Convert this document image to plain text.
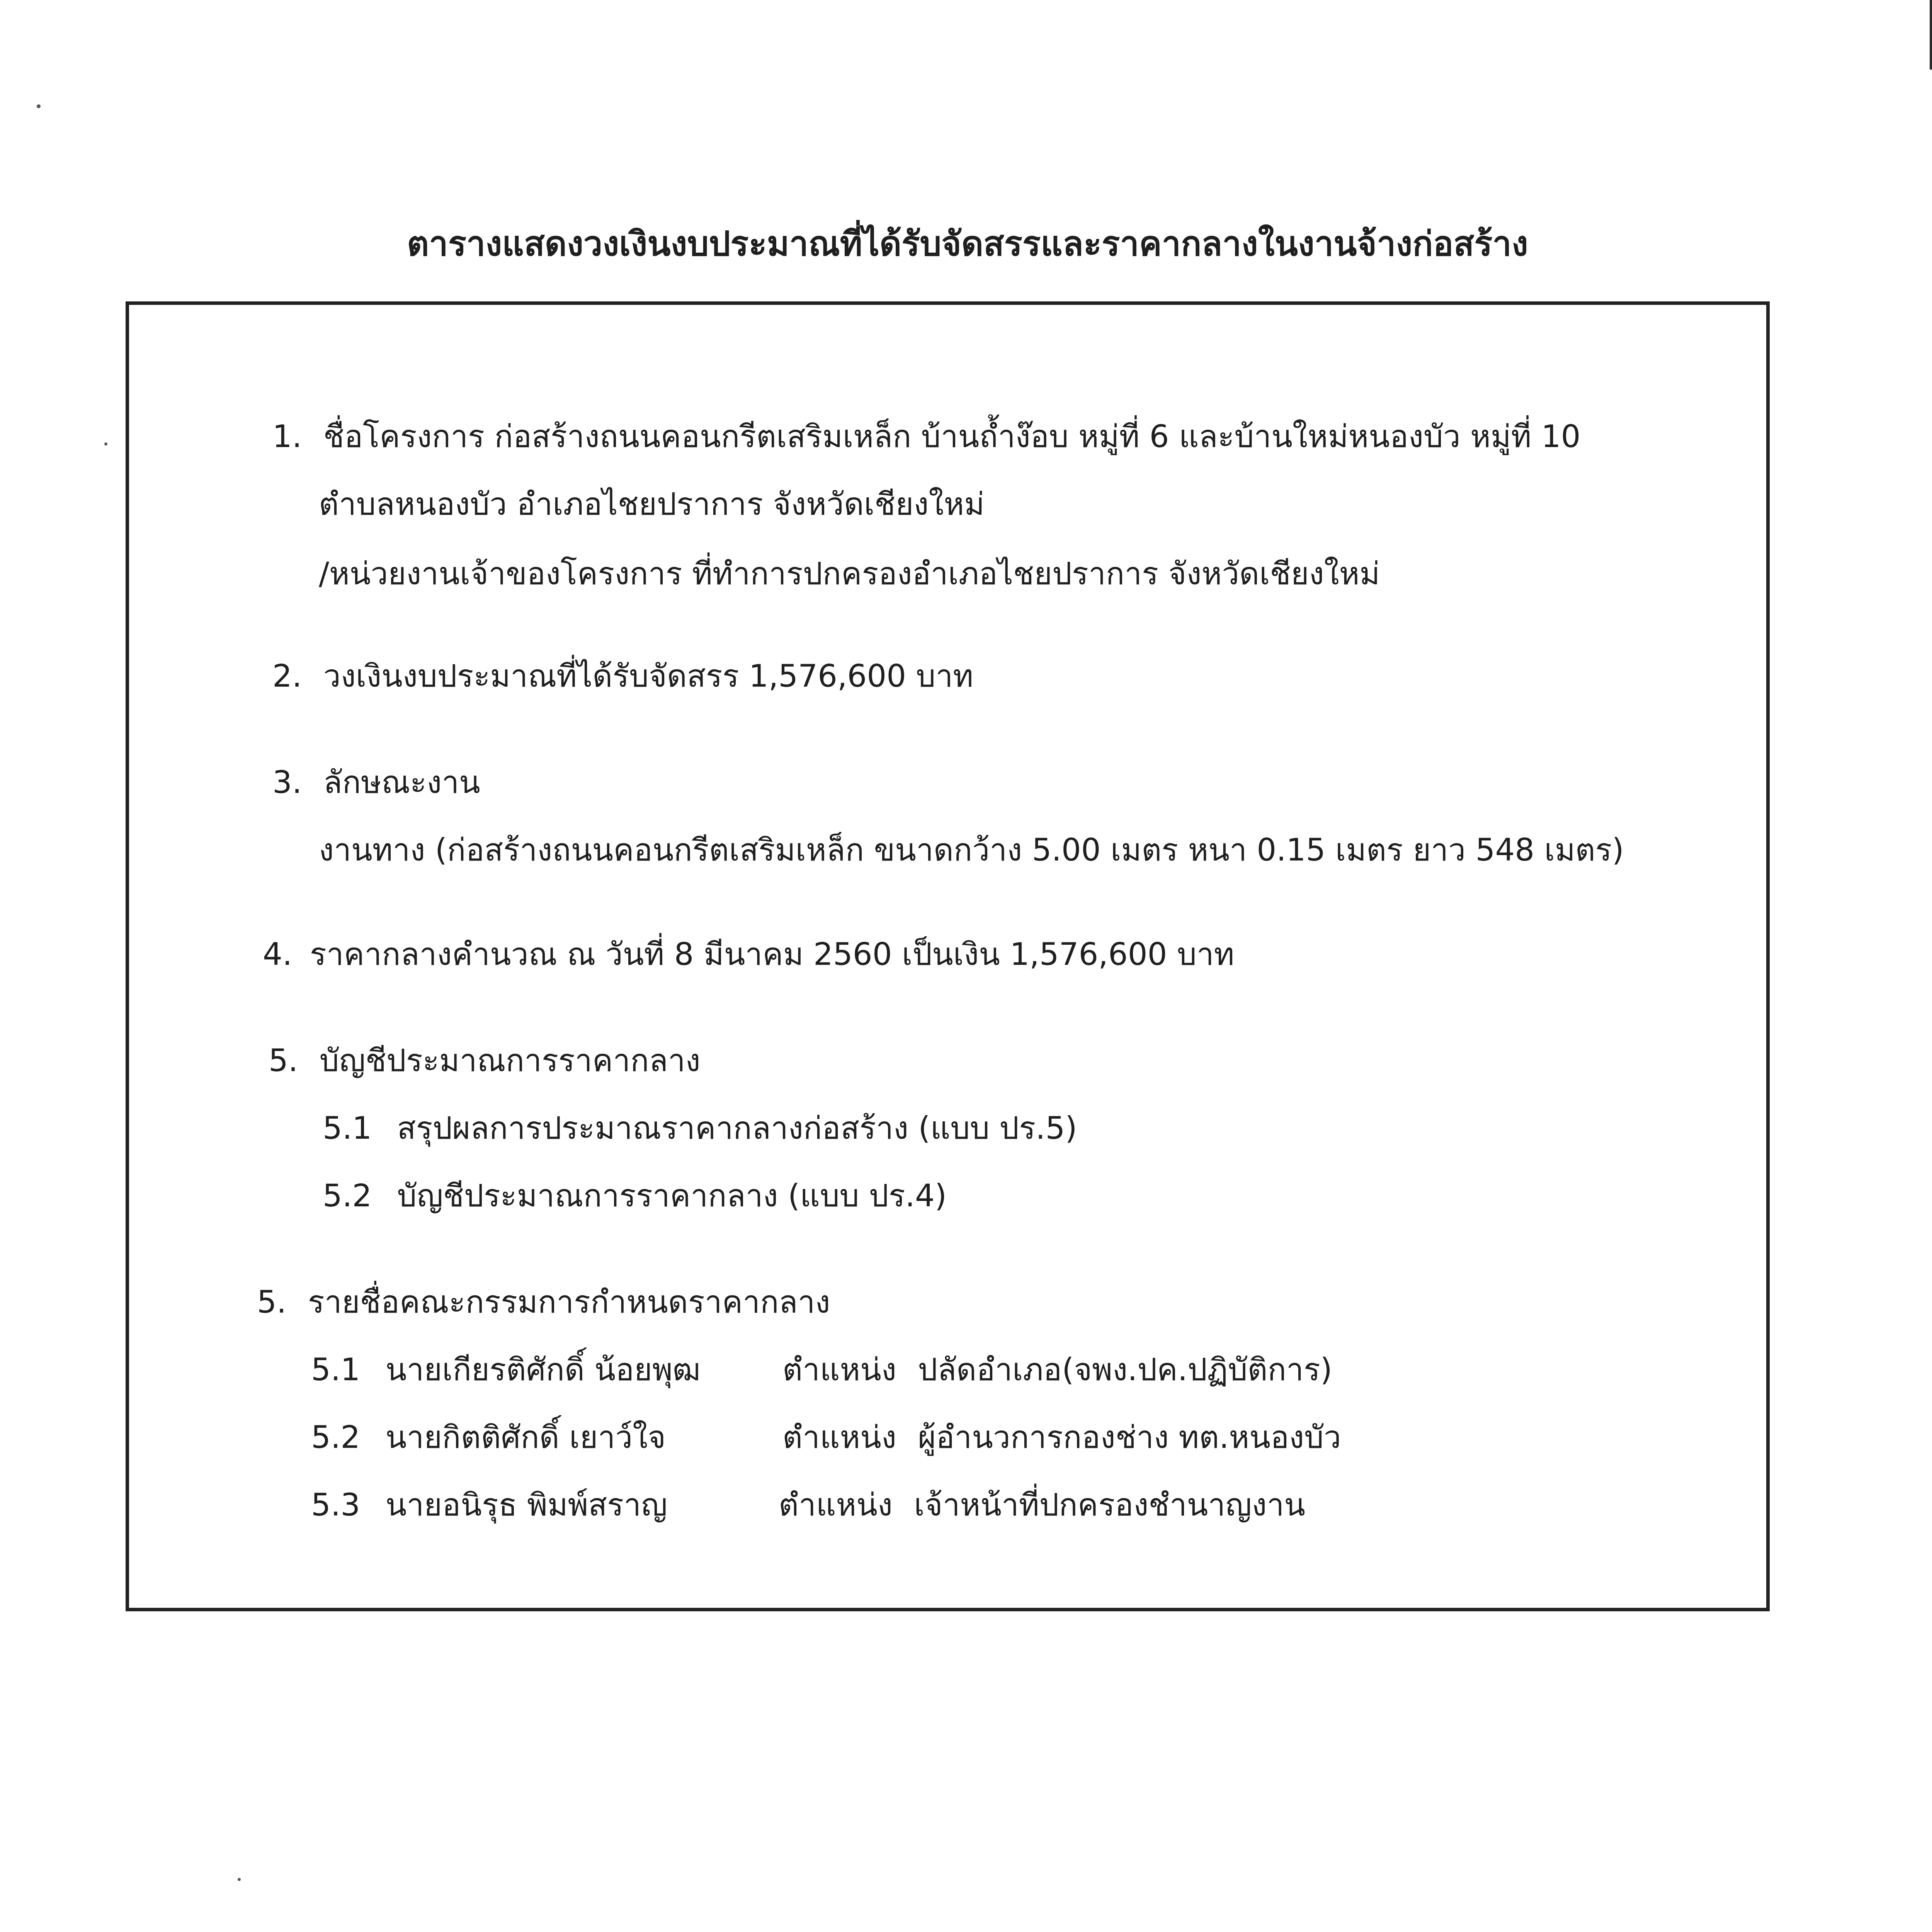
ตารางแสดงวงเงินงบประมาณที่ได้รับจัดสรรและราคากลางในงานจ้างก่อสร้าง
1. ชื่อโครงการ ก่อสร้างถนนคอนกรีตเสริมเหล็ก บ้านถ้ำง๊อบ หมู่ที่ 6 และบ้านใหม่หนองบัว หมู่ที่ 10
ตำบลหนองบัว อำเภอไชยปราการ จังหวัดเชียงใหม่
/หน่วยงานเจ้าของโครงการ ที่ทำการปกครองอำเภอไชยปราการ จังหวัดเชียงใหม่
2. วงเงินงบประมาณที่ได้รับจัดสรร 1,576,600 บาท
3. ลักษณะงาน
งานทาง (ก่อสร้างถนนคอนกรีตเสริมเหล็ก ขนาดกว้าง 5.00 เมตร หนา 0.15 เมตร ยาว 548 เมตร)
4. ราคากลางคำนวณ ณ วันที่ 8 มีนาคม 2560 เป็นเงิน 1,576,600 บาท
5. บัญชีประมาณการราคากลาง
5.1 สรุปผลการประมาณราคากลางก่อสร้าง (แบบ ปร.5)
5.2 บัญชีประมาณการราคากลาง (แบบ ปร.4)
5. รายชื่อคณะกรรมการกำหนดราคากลาง
5.1 นายเกียรติศักดิ์ น้อยพุฒ	ตำแหน่ง ปลัดอำเภอ(จพง.ปค.ปฏิบัติการ)
5.2 นายกิตติศักดิ์ เยาว์ใจ	ตำแหน่ง ผู้อำนวการกองช่าง ทต.หนองบัว
5.3 นายอนิรุธ พิมพ์สราญ	ตำแหน่ง เจ้าหน้าที่ปกครองชำนาญงาน
